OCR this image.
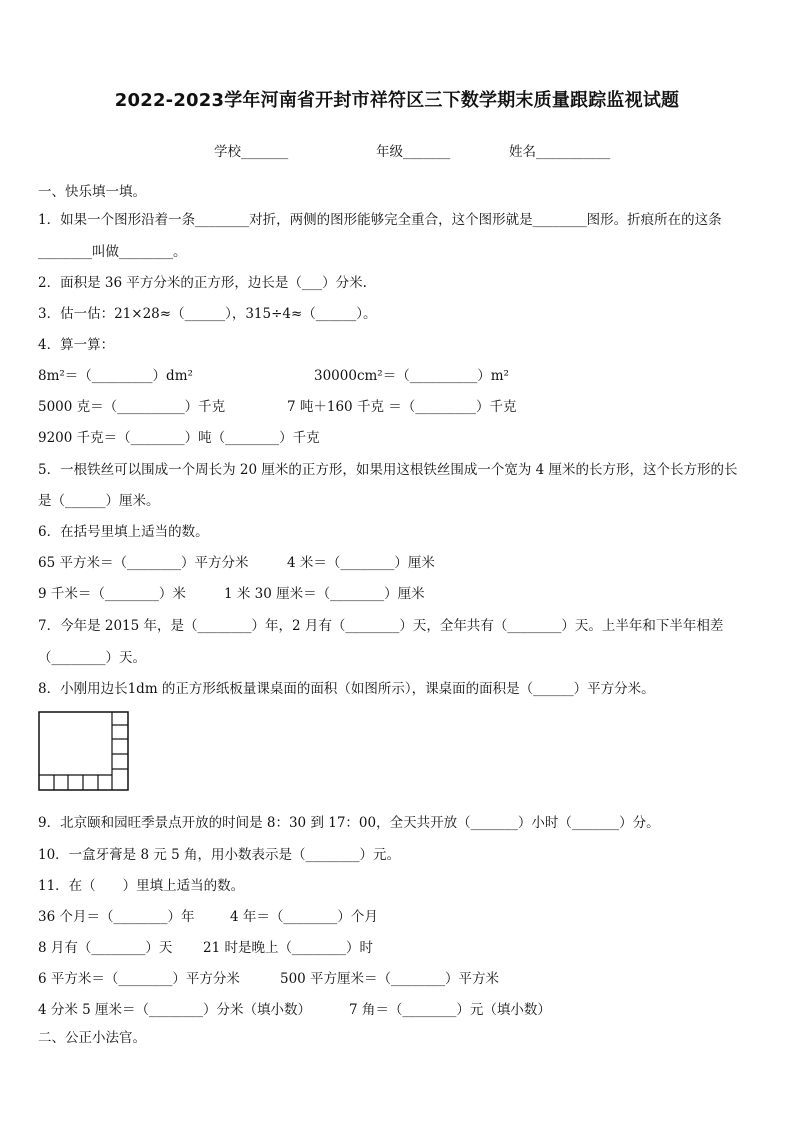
2022-2023学年河南省开封市祥符区三下数学期末质量跟踪监视试题
学校_______	年级_______	姓名___________
一、快乐填一填。
1．如果一个图形沿着一条________对折，两侧的图形能够完全重合，这个图形就是________图形。折痕所在的这条
________叫做________。
2．面积是 36 平方分米的正方形，边长是（___）分米.
3．估一估：21×28≈（______），315÷4≈（______）。
4．算一算：
8m²＝（_________）dm²	30000cm²＝（__________）m²
5000 克＝（__________）千克	7 吨＋160 千克 ＝（_________）千克
9200 千克＝（________）吨（________）千克
5．一根铁丝可以围成一个周长为 20 厘米的正方形，如果用这根铁丝围成一个宽为 4 厘米的长方形，这个长方形的长
是（______）厘米。
6．在括号里填上适当的数。
65 平方米＝（________）平方分米	4 米＝（________）厘米
9 千米＝（________）米	1 米 30 厘米＝（________）厘米
7．今年是 2015 年，是（________）年，2 月有（________）天，全年共有（________）天。上半年和下半年相差
（________）天。
8．小刚用边长1dm 的正方形纸板量课桌面的面积（如图所示），课桌面的面积是（______）平方分米。
9．北京颐和园旺季景点开放的时间是 8：30 到 17：00，全天共开放（_______）小时（_______）分。
10．一盒牙膏是 8 元 5 角，用小数表示是（________）元。
11．在（　　）里填上适当的数。
36 个月＝（________）年	4 年＝（________）个月
8 月有（________）天 21 时是晚上（________）时
6 平方米＝（________）平方分米	500 平方厘米＝（________）平方米
4 分米 5 厘米＝（________）分米（填小数）	7 角＝（________）元（填小数）
二、公正小法官。
